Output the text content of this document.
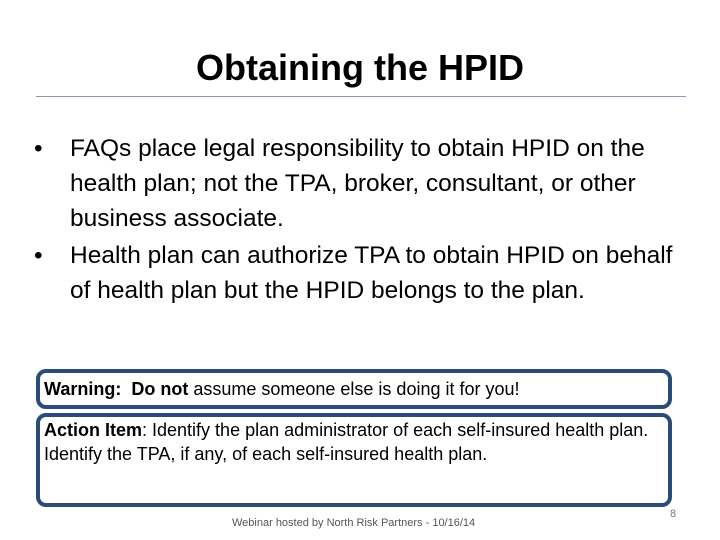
Obtaining the HPID
• FAQs place legal responsibility to obtain HPID on the health plan; not the TPA, broker, consultant, or other business associate.
• Health plan can authorize TPA to obtain HPID on behalf of health plan but the HPID belongs to the plan.
Warning: Do not assume someone else is doing it for you!
Action Item: Identify the plan administrator of each self-insured health plan. Identify the TPA, if any, of each self-insured health plan.
Webinar hosted by North Risk Partners - 10/16/14
8
